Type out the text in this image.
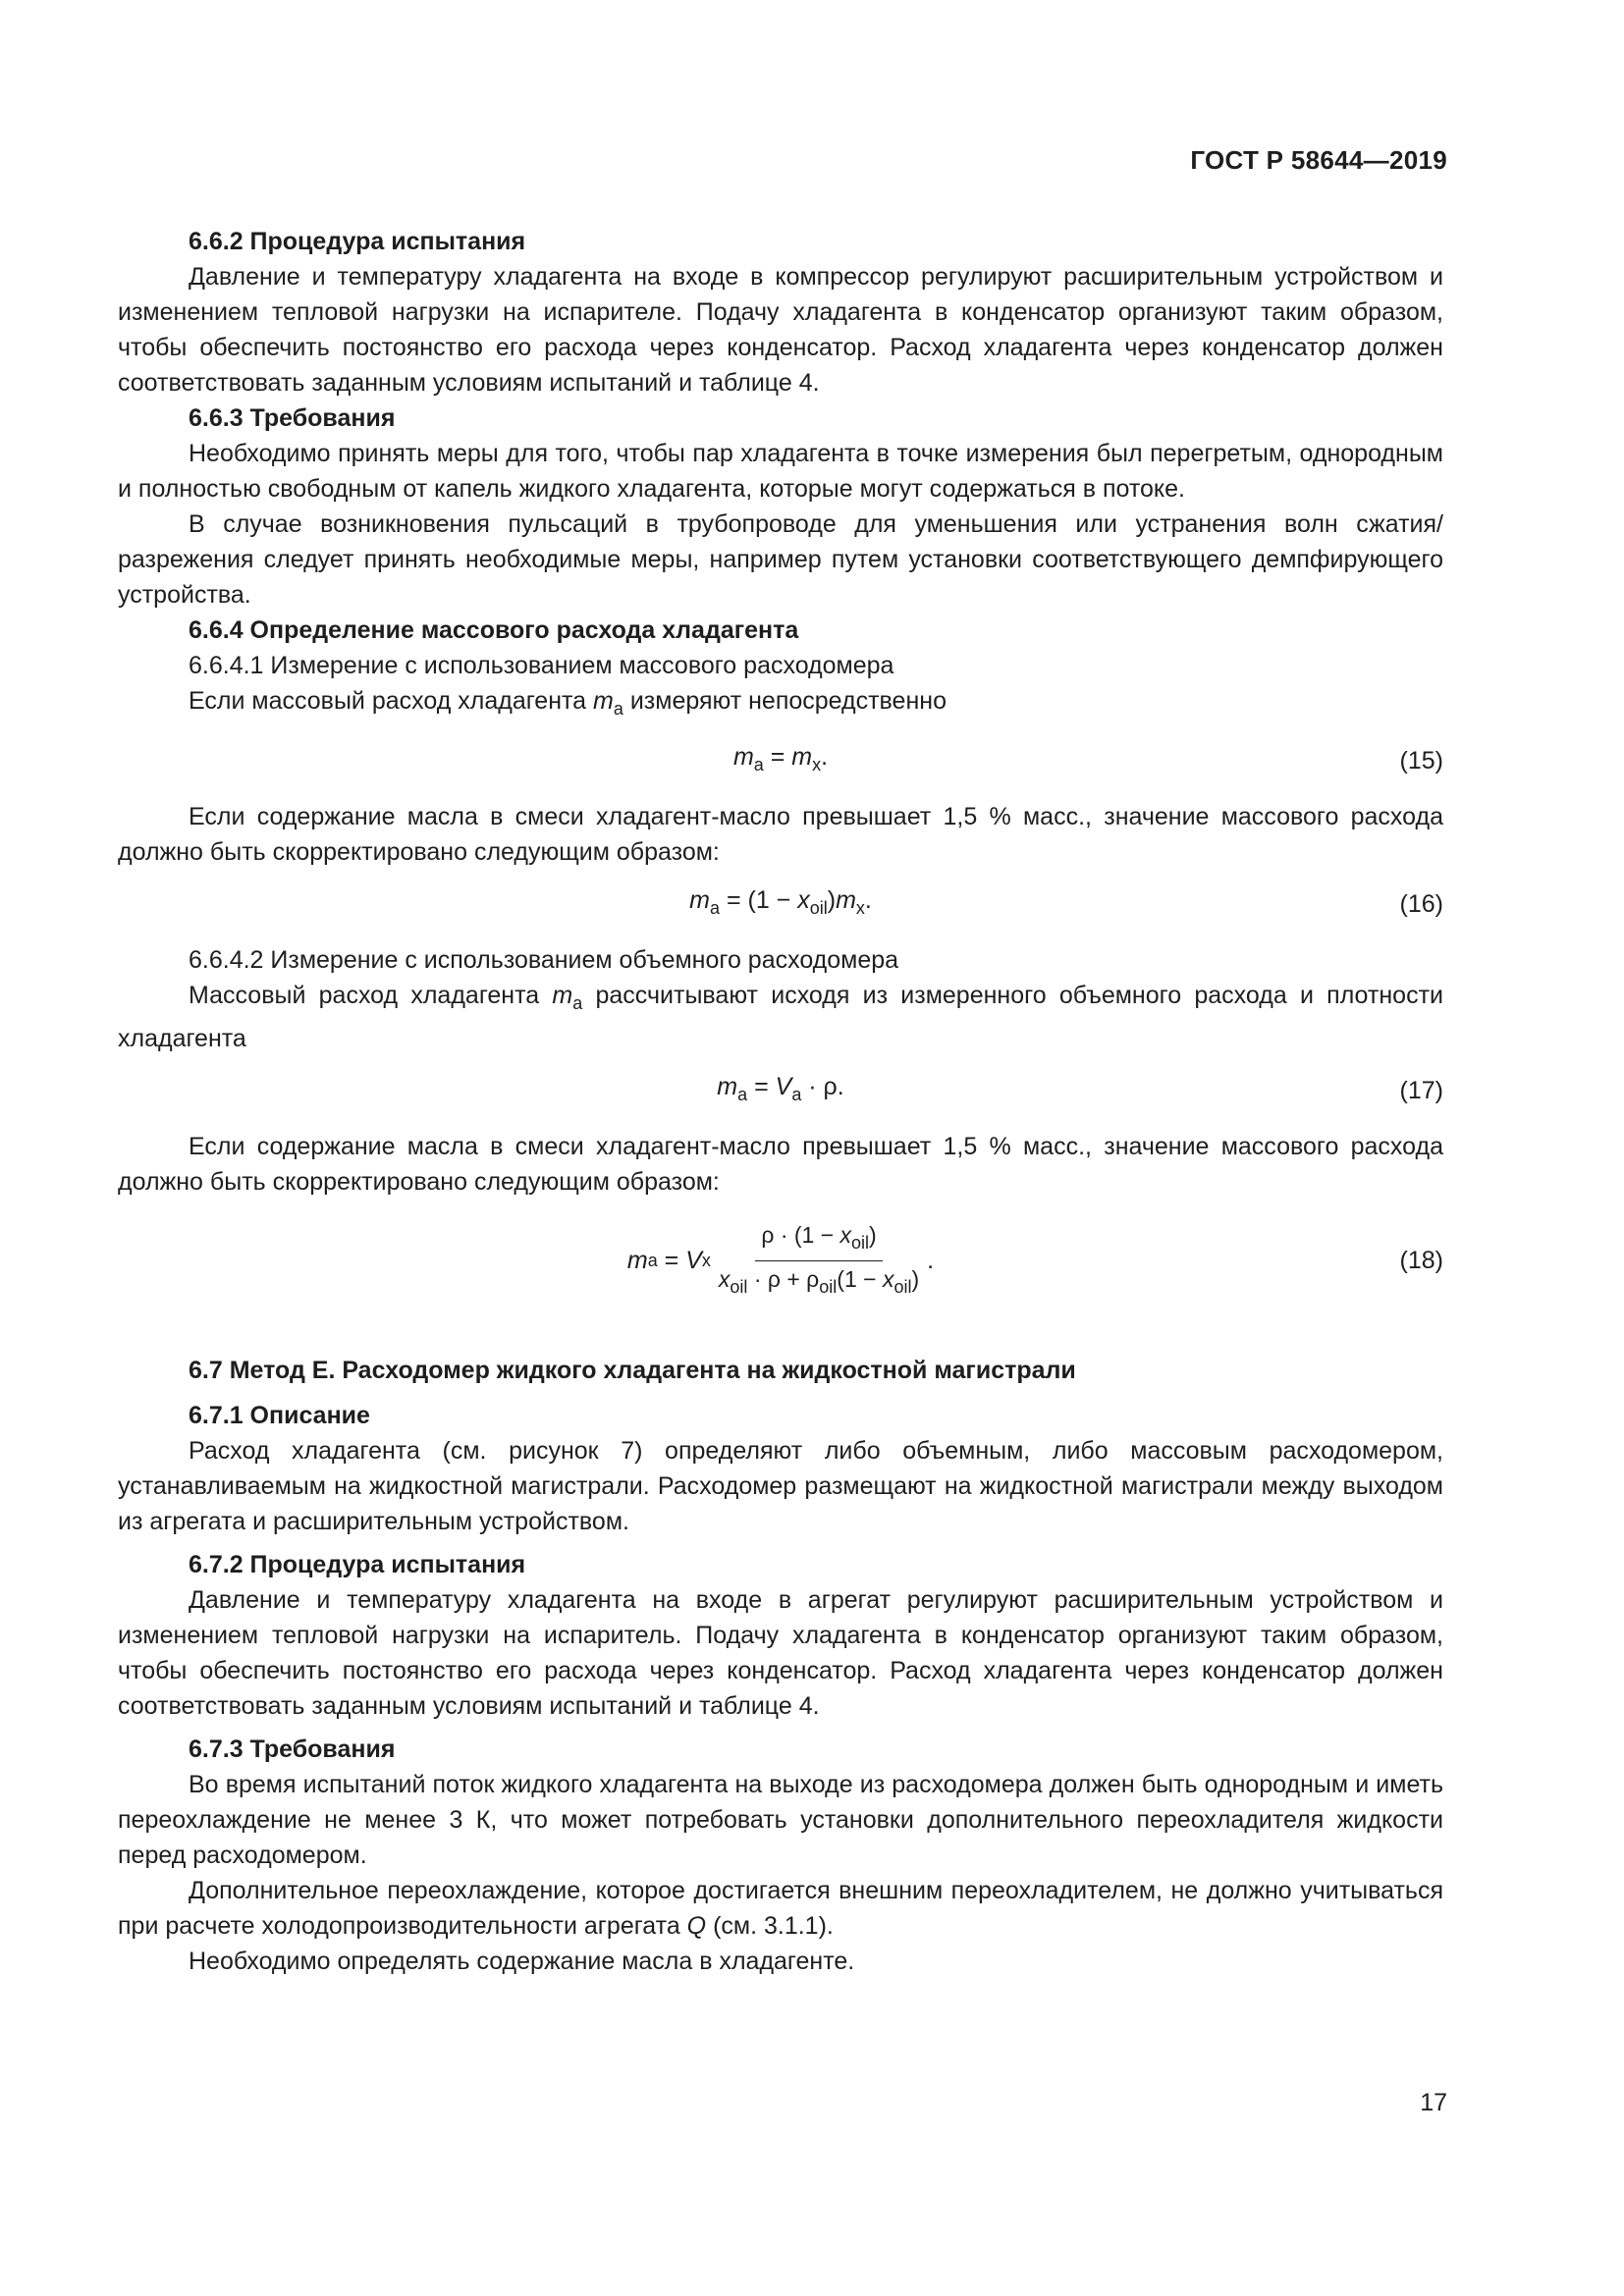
ГОСТ Р 58644—2019

6.6.2 Процедура испытания

Давление и температуру хладагента на входе в компрессор регулируют расширительным устройством и изменением тепловой нагрузки на испарителе. Подачу хладагента в конденсатор организуют таким образом, чтобы обеспечить постоянство его расхода через конденсатор. Расход хладагента через конденсатор должен соответствовать заданным условиям испытаний и таблице 4.

6.6.3 Требования

Необходимо принять меры для того, чтобы пар хладагента в точке измерения был перегретым, однородным и полностью свободным от капель жидкого хладагента, которые могут содержаться в потоке.

В случае возникновения пульсаций в трубопроводе для уменьшения или устранения волн сжатия/разрежения следует принять необходимые меры, например путем установки соответствующего демпфирующего устройства.

6.6.4 Определение массового расхода хладагента

6.6.4.1 Измерение с использованием массового расходомера

Если массовый расход хладагента $m_a$ измеряют непосредственно

$m_a = m_x$.	(15)

Если содержание масла в смеси хладагент-масло превышает 1,5 % масс., значение массового расхода должно быть скорректировано следующим образом:

$m_a = (1 - x_{oil})m_x$.	(16)

6.6.4.2 Измерение с использованием объемного расходомера

Массовый расход хладагента $m_a$ рассчитывают исходя из измеренного объемного расхода и плотности хладагента

$m_a = V_a \cdot \rho$.	(17)

Если содержание масла в смеси хладагент-масло превышает 1,5 % масс., значение массового расхода должно быть скорректировано следующим образом:

m a = V x $\frac{\rho \cdot (1 - x_{oil})}{x_{oil} \cdot \rho + \rho_{oil}(1 - x_{oil})}$ .	(18)

6.7 Метод Е. Расходомер жидкого хладагента на жидкостной магистрали

6.7.1 Описание

Расход хладагента (см. рисунок 7) определяют либо объемным, либо массовым расходомером, устанавливаемым на жидкостной магистрали. Расходомер размещают на жидкостной магистрали между выходом из агрегата и расширительным устройством.

6.7.2 Процедура испытания

Давление и температуру хладагента на входе в агрегат регулируют расширительным устройством и изменением тепловой нагрузки на испаритель. Подачу хладагента в конденсатор организуют таким образом, чтобы обеспечить постоянство его расхода через конденсатор. Расход хладагента через конденсатор должен соответствовать заданным условиям испытаний и таблице 4.

6.7.3 Требования

Во время испытаний поток жидкого хладагента на выходе из расходомера должен быть однородным и иметь переохлаждение не менее 3 К, что может потребовать установки дополнительного переохладителя жидкости перед расходомером.

Дополнительное переохлаждение, которое достигается внешним переохладителем, не должно учитываться при расчете холодопроизводительности агрегата Q (см. 3.1.1).

Необходимо определять содержание масла в хладагенте.

17
